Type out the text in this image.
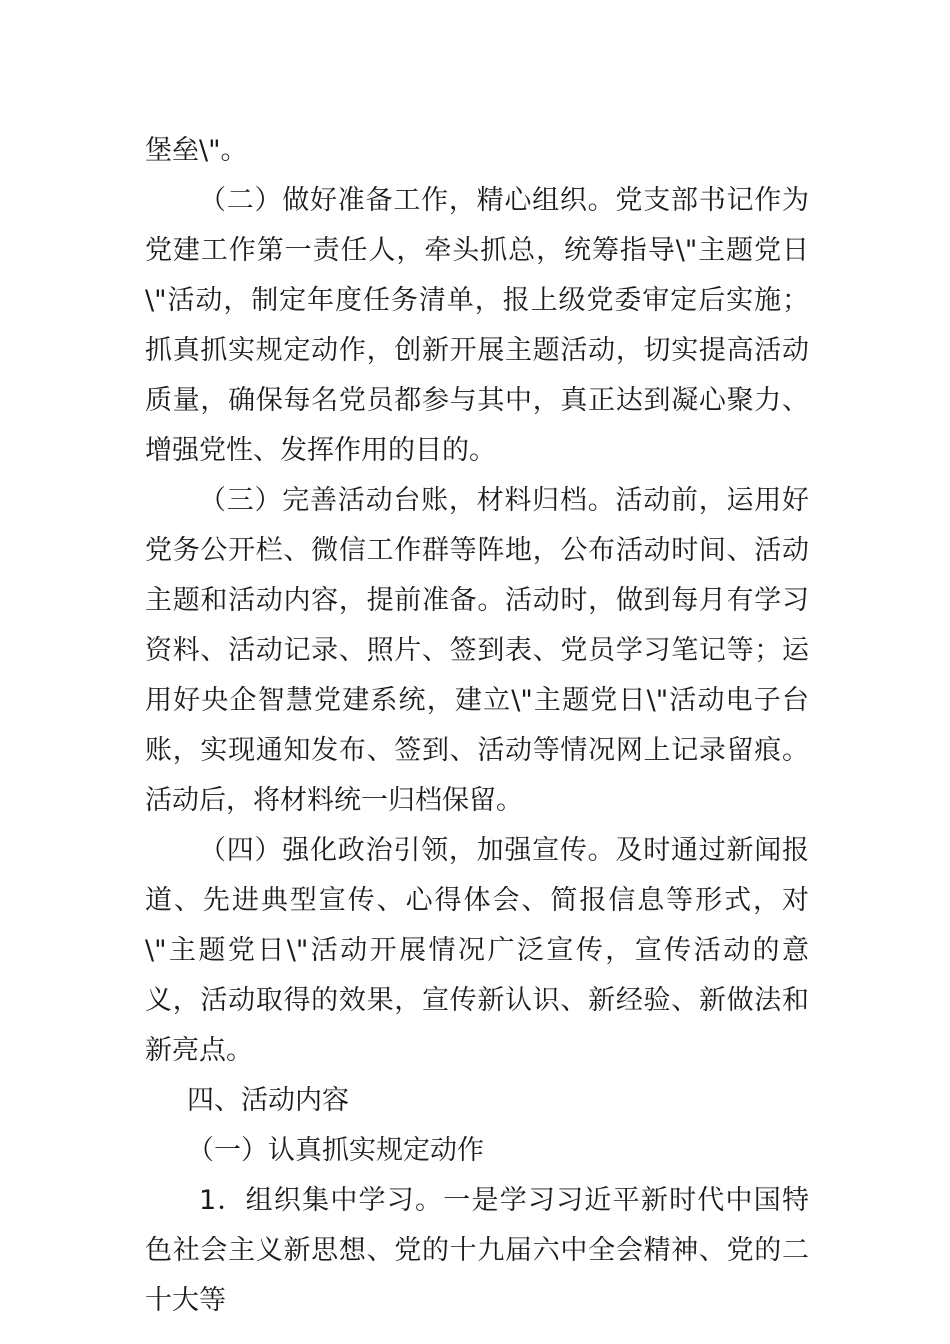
堡垒\"。

（二）做好准备工作，精心组织。党支部书记作为党建工作第一责任人，牵头抓总，统筹指导\"主题党日\"活动，制定年度任务清单，报上级党委审定后实施；抓真抓实规定动作，创新开展主题活动，切实提高活动质量，确保每名党员都参与其中，真正达到凝心聚力、增强党性、发挥作用的目的。

（三）完善活动台账，材料归档。活动前，运用好党务公开栏、微信工作群等阵地，公布活动时间、活动主题和活动内容，提前准备。活动时，做到每月有学习资料、活动记录、照片、签到表、党员学习笔记等；运用好央企智慧党建系统，建立\"主题党日\"活动电子台账，实现通知发布、签到、活动等情况网上记录留痕。活动后，将材料统一归档保留。

（四）强化政治引领，加强宣传。及时通过新闻报道、先进典型宣传、心得体会、简报信息等形式，对\"主题党日\"活动开展情况广泛宣传，宣传活动的意义，活动取得的效果，宣传新认识、新经验、新做法和新亮点。

四、活动内容

（一）认真抓实规定动作

1．组织集中学习。一是学习习近平新时代中国特色社会主义新思想、党的十九届六中全会精神、党的二十大等
